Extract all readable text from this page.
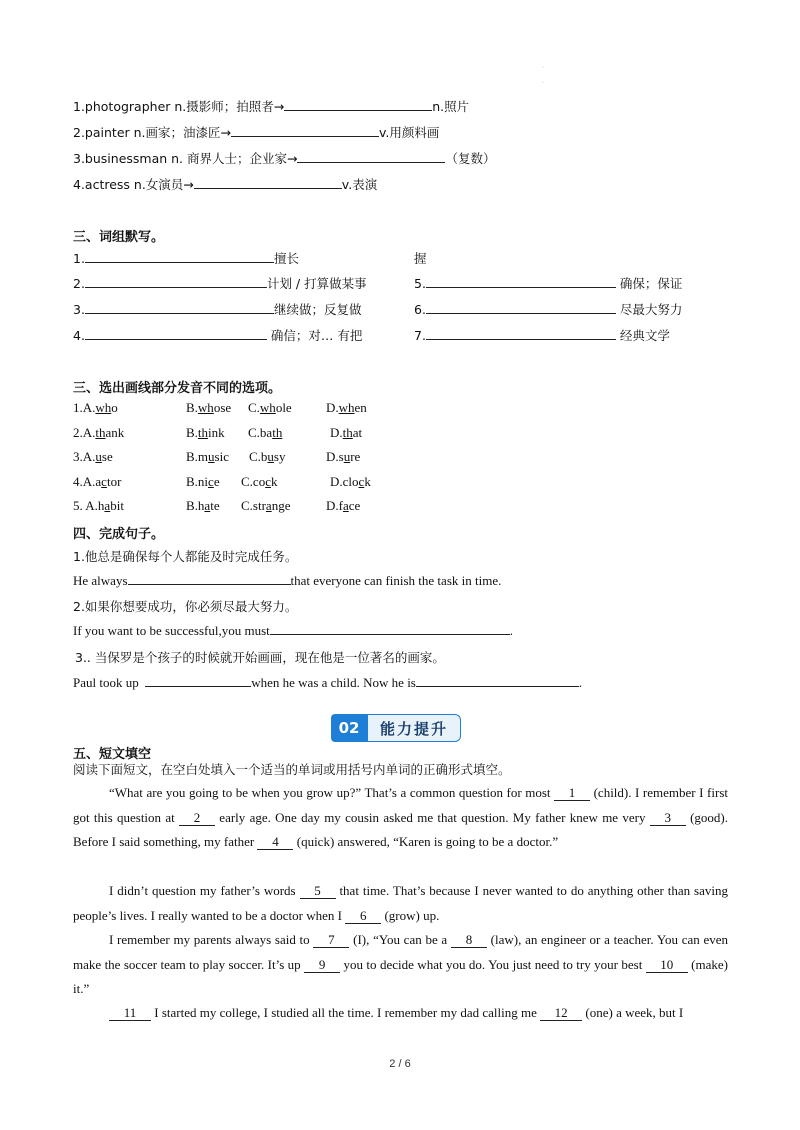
·
·
1.photographer n.摄影师；拍照者→	n.照片
2.painter n.画家；油漆匠→	v.用颜料画
3.businessman n. 商界人士；企业家→	（复数）
4.actress n.女演员→	v.表演
三、词组默写。
1.	擅长	握
2.	计划 / 打算做某事	5.	确保；保证
3.	继续做；反复做	6.	尽最大努力
4.	确信；对… 有把	7.	经典文学
三、选出画线部分发音不同的选项。
1.A.who	B.whose C.whole	D.when
2.A.thank	B.think C.bath	D.that
3.A.use	B.music C.busy	D.sure
4.A.actor	B.nice C.cock	D.clock
5. A.habit	B.hate C.strange	D.face
四、完成句子。
1.他总是确保每个人都能及时完成任务。
He always	that everyone can finish the task in time.
2.如果你想要成功，你必须尽最大努力。
If you want to be successful,you must	.
3.. 当保罗是个孩子的时候就开始画画，现在他是一位著名的画家。
Paul took up	when he was a child. Now he is	.
02	能力提升
五、短文填空
阅读下面短文，在空白处填入一个适当的单词或用括号内单词的正确形式填空。
“What are you going to be when you grow up?” That’s a common question for most 1 (child). I remember I first got this question at 2 early age. One day my cousin asked me that question. My father knew me very 3 (good). Before I said something, my father 4 (quick) answered, “Karen is going to be a doctor.”
I didn’t question my father’s words 5 that time. That’s because I never wanted to do anything other than saving people’s lives. I really wanted to be a doctor when I 6 (grow) up.
I remember my parents always said to 7 (I), “You can be a 8 (law), an engineer or a teacher. You can even make the soccer team to play soccer. It’s up 9 you to decide what you do. You just need to try your best 10 (make) it.”
11 I started my college, I studied all the time. I remember my dad calling me 12 (one) a week, but I
2 / 6
